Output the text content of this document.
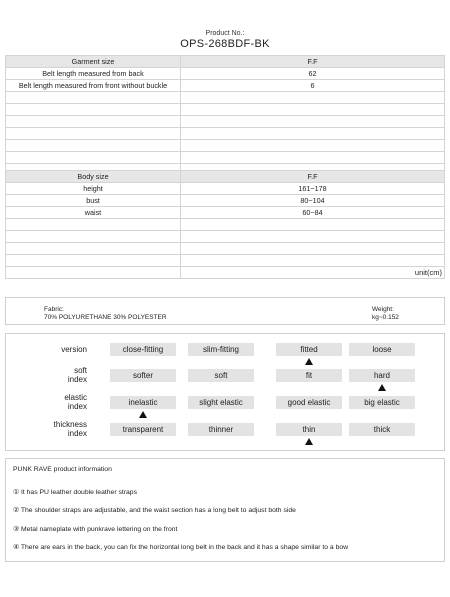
Product No.:
OPS-268BDF-BK
Garment size	F.F
Belt length measured from back	62
Belt length measured from front without buckle	6

Body size	F.F
height	161~178
bust	80~104
waist	60~84

	unit(cm)
Fabric:
70% POLYURETHANE 30% POLYESTER
Weight:
kg~0.152
version	close-fitting	slim-fitting	fitted	loose
soft
index	softer	soft	fit	hard
elastic
index	inelastic	slight elastic	good elastic	big elastic
thickness
index	transparent	thinner	thin	thick
PUNK RAVE product information
① It has PU leather double leather straps
② The shoulder straps are adjustable, and the waist section has a long belt to adjust both side
③ Metal nameplate with punkrave lettering on the front
④ There are ears in the back, you can fix the horizontal long belt in the back and it has a shape similar to a bow
